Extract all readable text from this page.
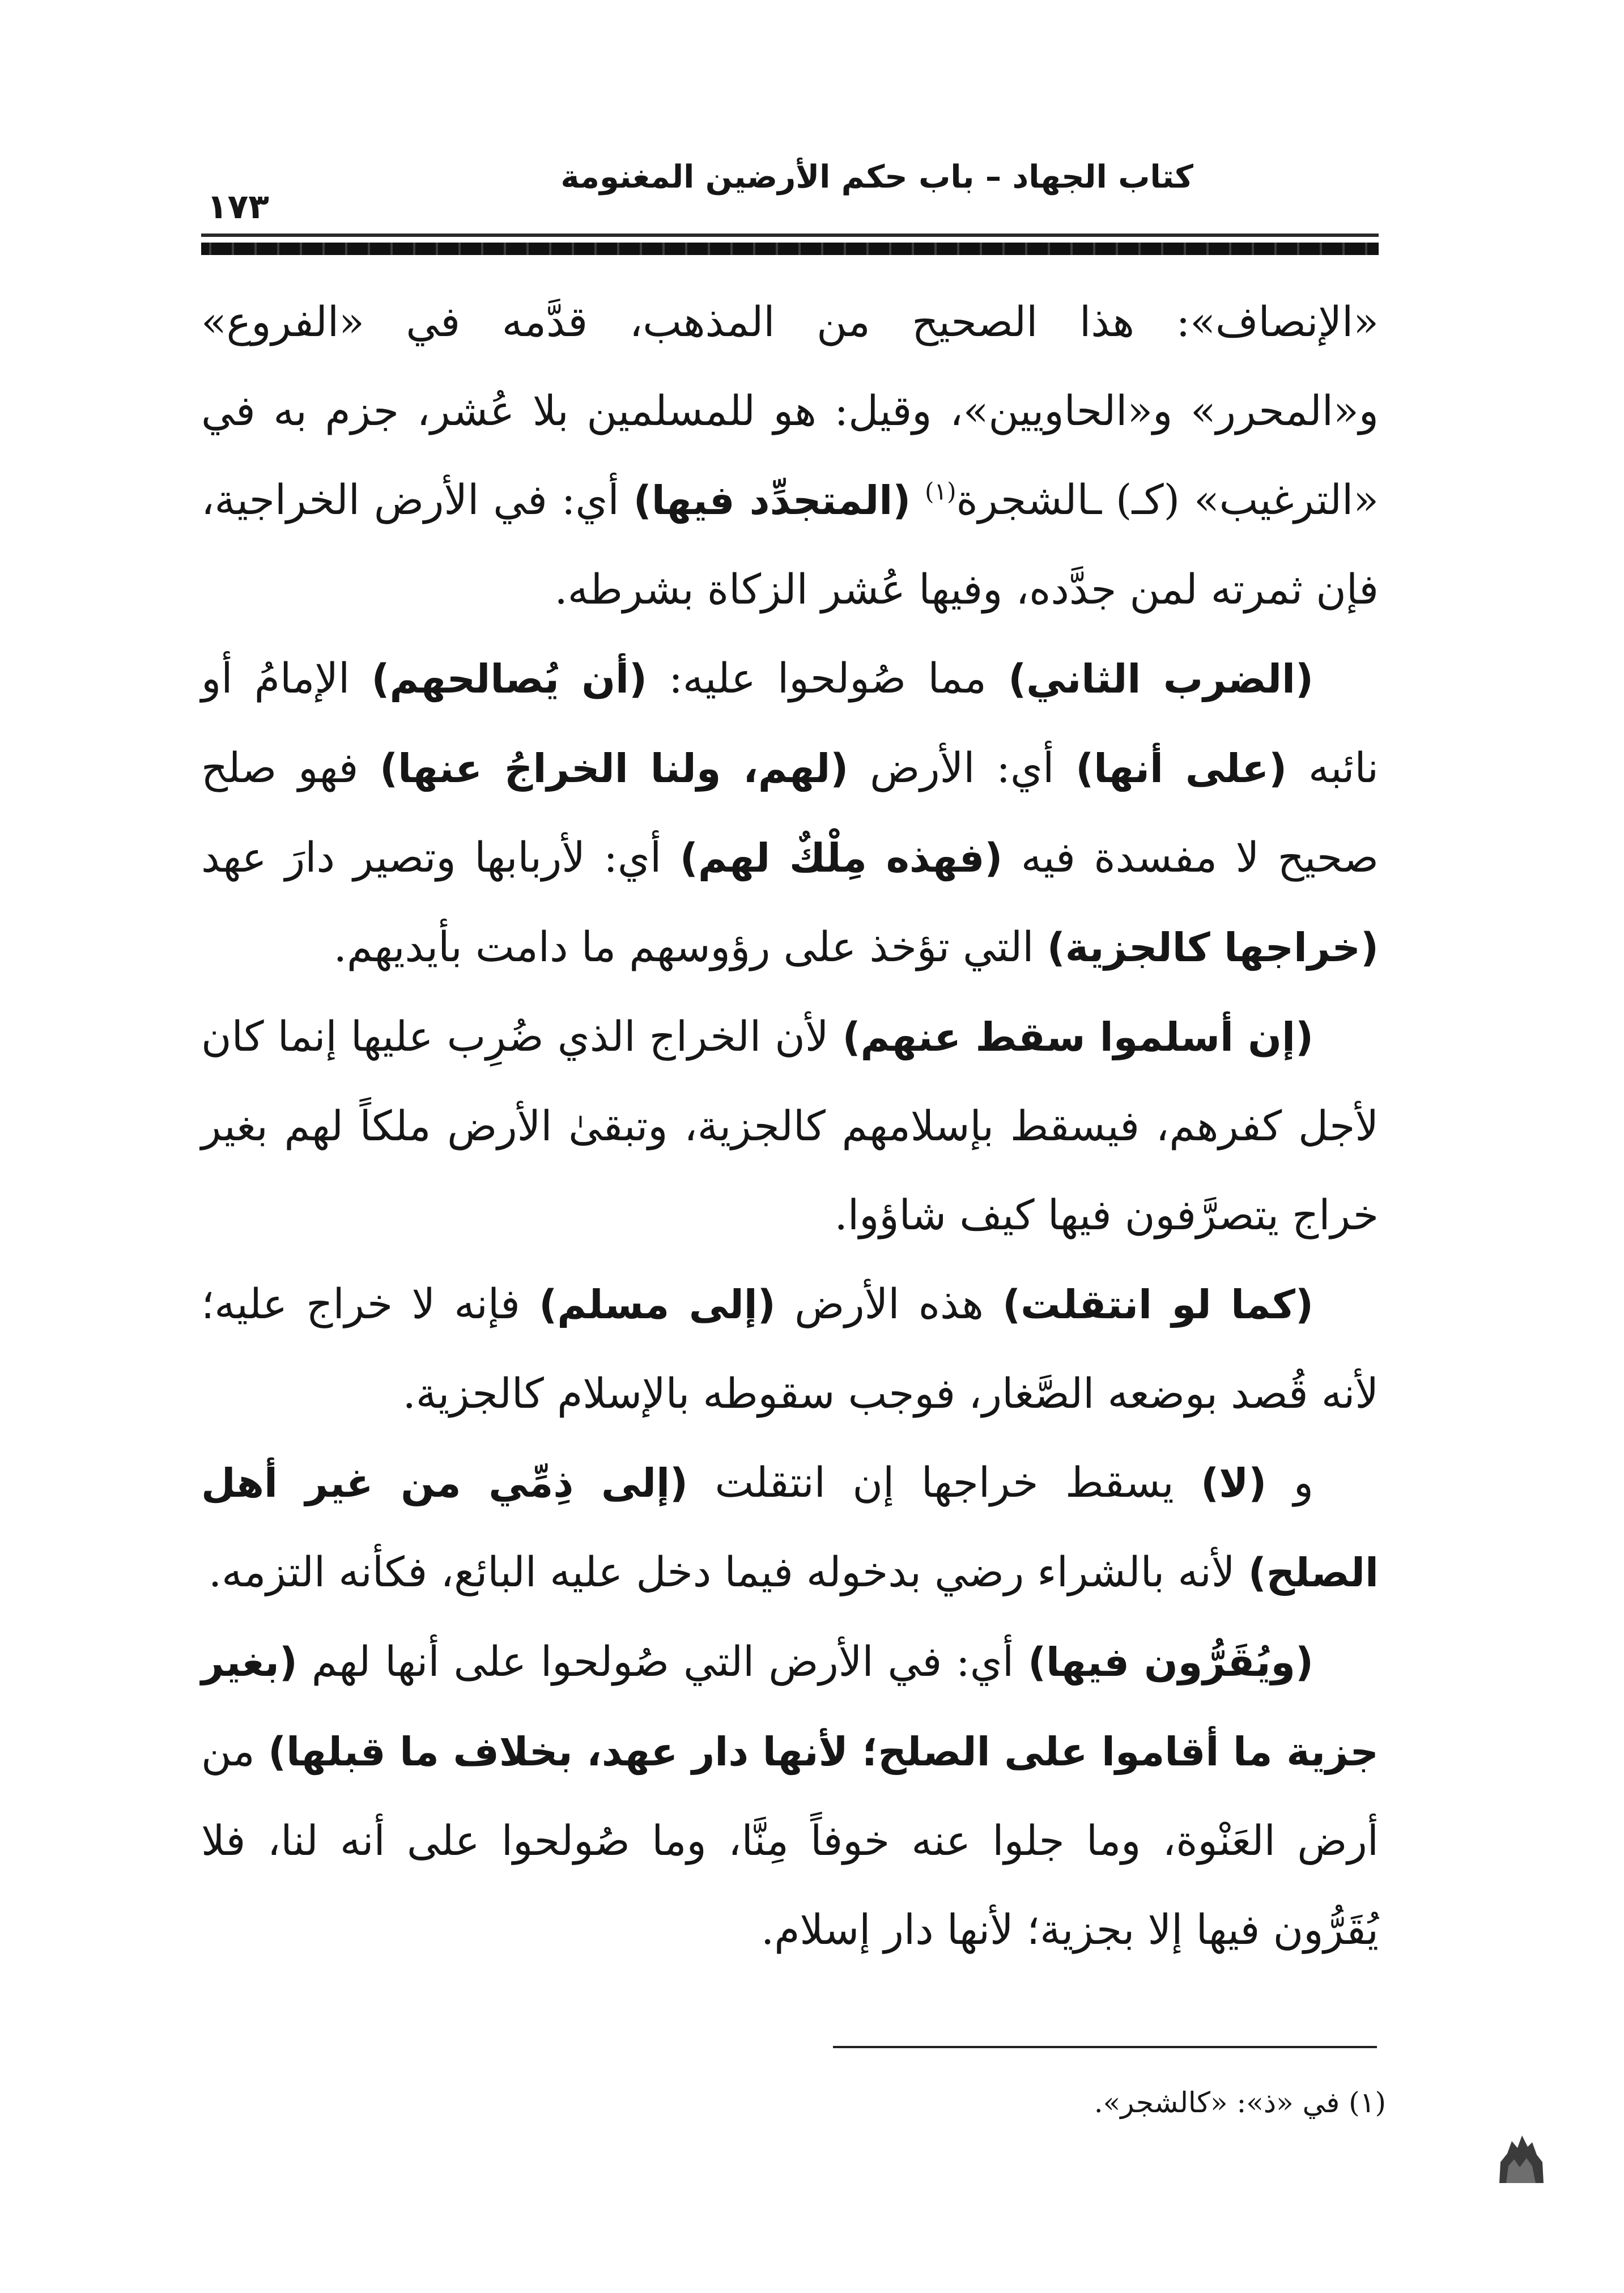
كتاب الجهاد – باب حكم الأرضين المغنومة
١٧٣

«الإنصاف»: هذا الصحيح من المذهب، قدَّمه في «الفروع» و«المحرر» و«الحاويين»، وقيل: هو للمسلمين بلا عُشر، جزم به في «الترغيب» (كـ) ـالشجرة$^{(١)}$ (المتجدِّد فيها) أي: في الأرض الخراجية، فإن ثمرته لمن جدَّده، وفيها عُشر الزكاة بشرطه.

(الضرب الثاني) مما صُولحوا عليه: (أن يُصالحهم) الإمامُ أو نائبه (على أنها) أي: الأرض (لهم، ولنا الخراجُ عنها) فهو صلح صحيح لا مفسدة فيه (فهذه مِلْكٌ لهم) أي: لأربابها وتصير دارَ عهد (خراجها كالجزية) التي تؤخذ على رؤوسهم ما دامت بأيديهم.

(إن أسلموا سقط عنهم) لأن الخراج الذي ضُرِب عليها إنما كان لأجل كفرهم، فيسقط بإسلامهم كالجزية، وتبقىٰ الأرض ملكاً لهم بغير خراج يتصرَّفون فيها كيف شاؤوا.

(كما لو انتقلت) هذه الأرض (إلى مسلم) فإنه لا خراج عليه؛ لأنه قُصد بوضعه الصَّغار، فوجب سقوطه بالإسلام كالجزية.

و (لا) يسقط خراجها إن انتقلت (إلى ذِمِّي من غير أهل الصلح) لأنه بالشراء رضي بدخوله فيما دخل عليه البائع، فكأنه التزمه.

(ويُقَرُّون فيها) أي: في الأرض التي صُولحوا على أنها لهم (بغير جزية ما أقاموا على الصلح؛ لأنها دار عهد، بخلاف ما قبلها) من أرض العَنْوة، وما جلوا عنه خوفاً مِنَّا، وما صُولحوا على أنه لنا، فلا يُقَرُّون فيها إلا بجزية؛ لأنها دار إسلام.

(١) في «ذ»: «كالشجر».
